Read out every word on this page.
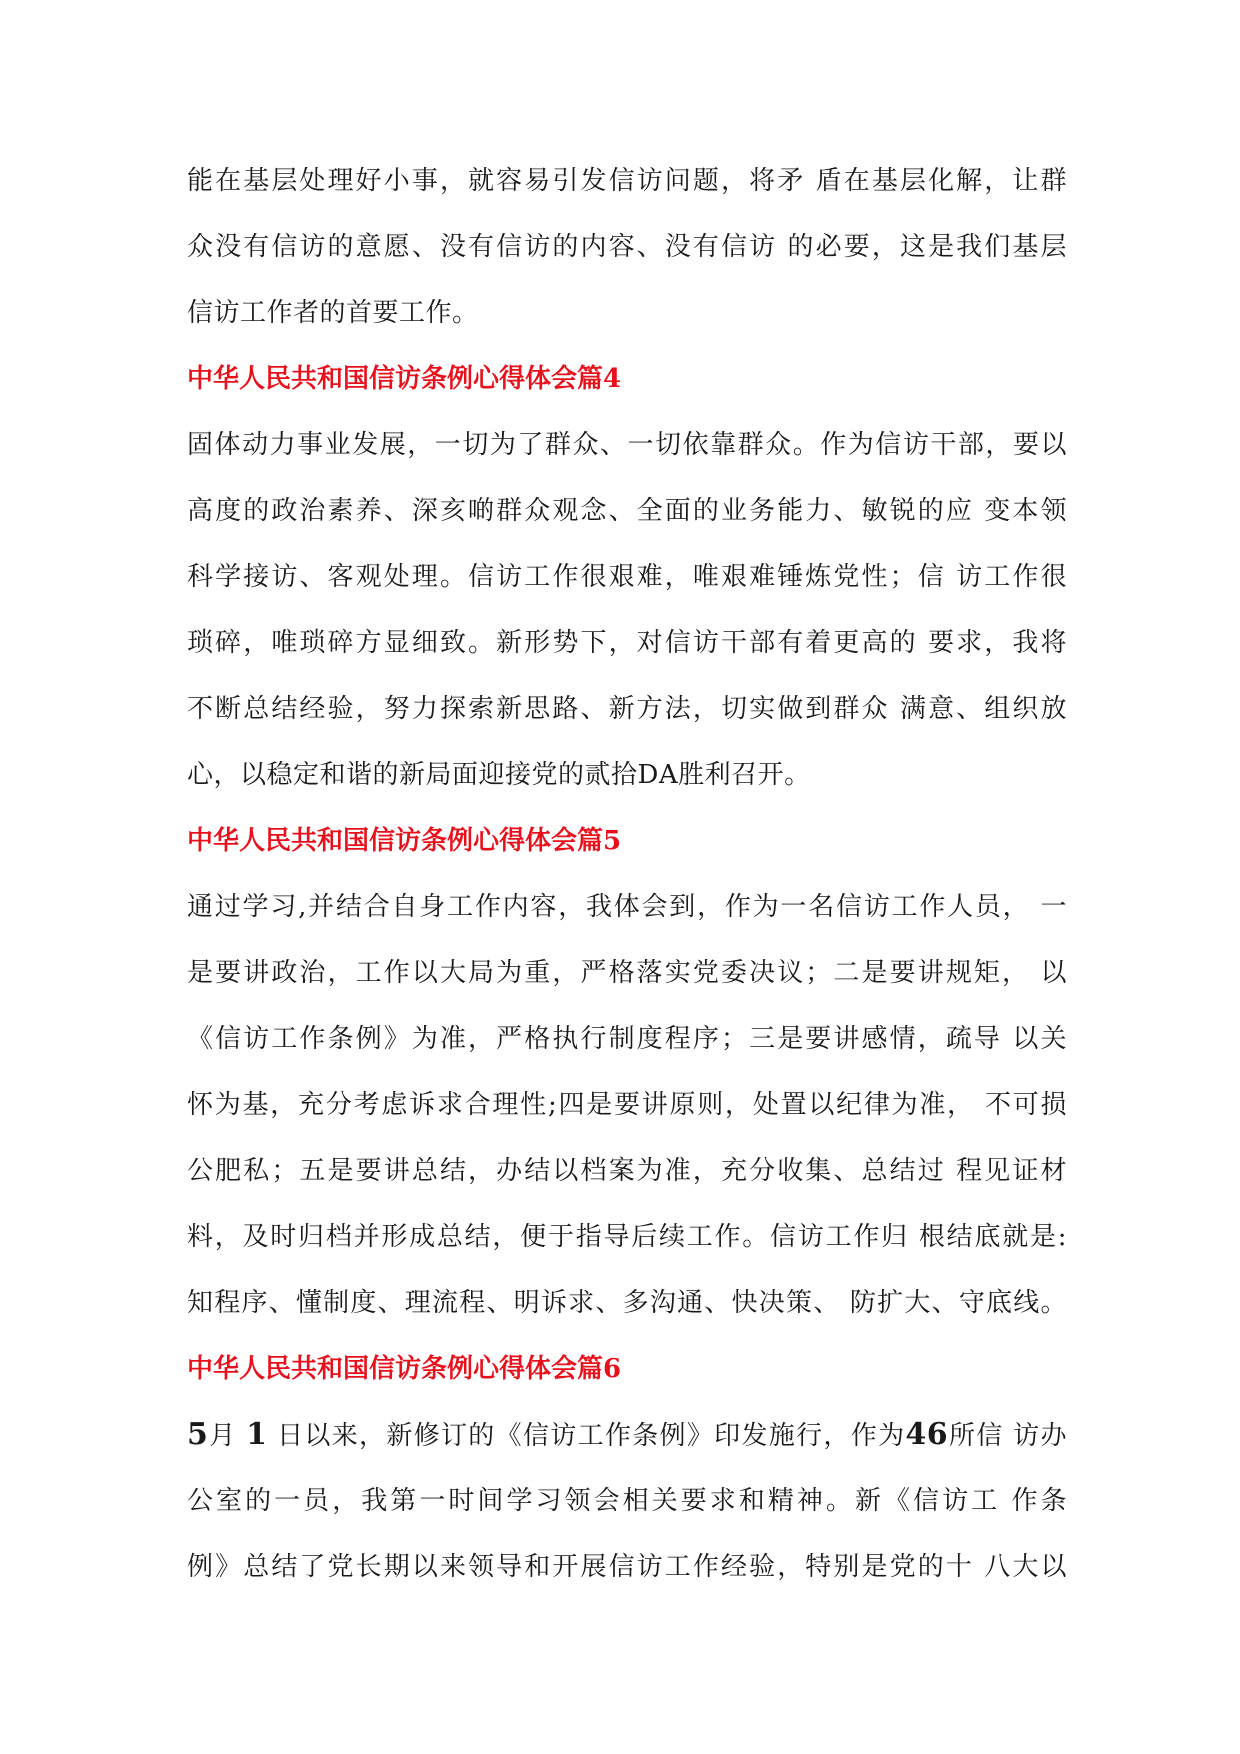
能在基层处理好小事，就容易引发信访问题，将矛 盾在基层化解，让群
众没有信访的意愿、没有信访的内容、没有信访 的必要，这是我们基层
信访工作者的首要工作。
中华人民共和国信访条例心得体会篇4
固体动力事业发展，一切为了群众、一切依靠群众。作为信访干部，要以
高度的政治素养、深亥啲群众观念、全面的业务能力、敏锐的应 变本领
科学接访、客观处理。信访工作很艰难，唯艰难锤炼党性；信 访工作很
琐碎，唯琐碎方显细致。新形势下，对信访干部有着更高的 要求，我将
不断总结经验，努力探索新思路、新方法，切实做到群众 满意、组织放
心，以稳定和谐的新局面迎接党的贰拾DA胜利召开。
中华人民共和国信访条例心得体会篇5
通过学习,并结合自身工作内容，我体会到，作为一名信访工作人员， 一
是要讲政治，工作以大局为重，严格落实党委决议；二是要讲规矩， 以
《信访工作条例》为准，严格执行制度程序；三是要讲感情，疏导 以关
怀为基，充分考虑诉求合理性;四是要讲原则，处置以纪律为准， 不可损
公肥私；五是要讲总结，办结以档案为准，充分收集、总结过 程见证材
料，及时归档并形成总结，便于指导后续工作。信访工作归 根结底就是:
知程序、懂制度、理流程、明诉求、多沟通、快决策、 防扩大、守底线。
中华人民共和国信访条例心得体会篇6
5月 1 日以来，新修订的《信访工作条例》印发施行，作为46所信 访办
公室的一员，我第一时间学习领会相关要求和精神。新《信访工 作条
例》总结了党长期以来领导和开展信访工作经验，特别是党的十 八大以
